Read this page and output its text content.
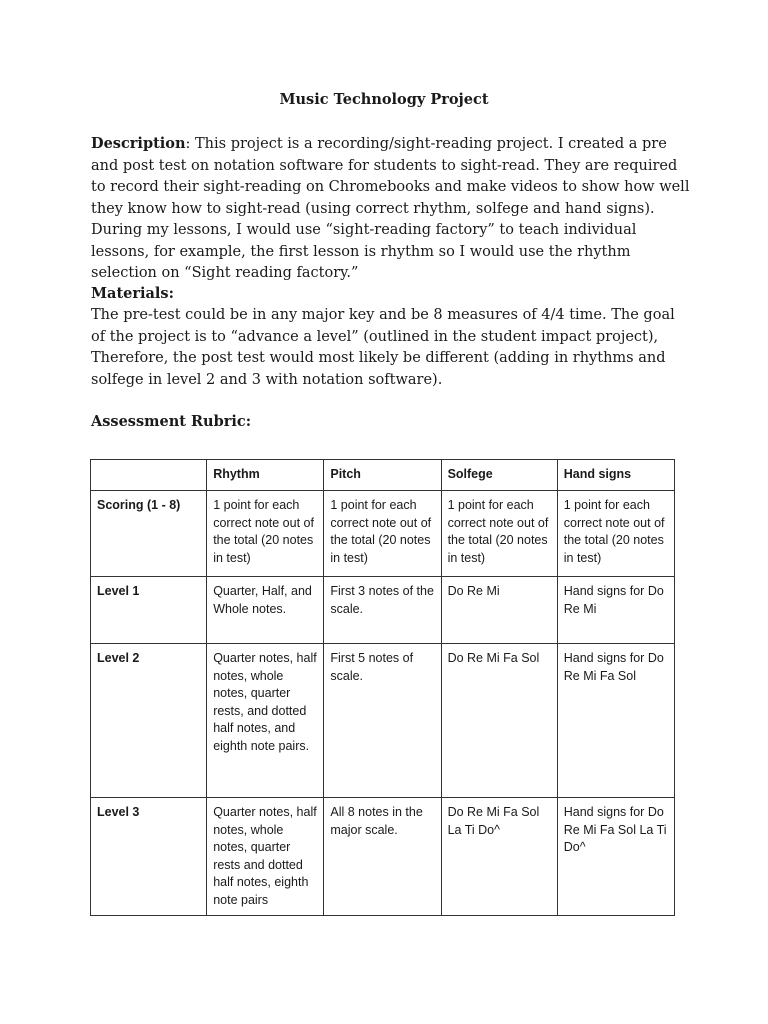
Music Technology Project
Description: This project is a recording/sight-reading project. I created a pre and post test on notation software for students to sight-read. They are required to record their sight-reading on Chromebooks and make videos to show how well they know how to sight-read (using correct rhythm, solfege and hand signs). During my lessons, I would use “sight-reading factory” to teach individual lessons, for example, the first lesson is rhythm so I would use the rhythm selection on “Sight reading factory.”
Materials:
The pre-test could be in any major key and be 8 measures of 4/4 time. The goal of the project is to “advance a level” (outlined in the student impact project), Therefore, the post test would most likely be different (adding in rhythms and solfege in level 2 and 3 with notation software).
Assessment Rubric:
	Rhythm	Pitch	Solfege	Hand signs
Scoring (1 - 8)	1 point for each correct note out of the total (20 notes in test)	1 point for each correct note out of the total (20 notes in test)	1 point for each correct note out of the total (20 notes in test)	1 point for each correct note out of the total (20 notes in test)
Level 1	Quarter, Half, and Whole notes.	First 3 notes of the scale.	Do Re Mi	Hand signs for Do Re Mi
Level 2	Quarter notes, half notes, whole notes, quarter rests, and dotted half notes, and eighth note pairs.	First 5 notes of scale.	Do Re Mi Fa Sol	Hand signs for Do Re Mi Fa Sol
Level 3	Quarter notes, half notes, whole notes, quarter rests and dotted half notes, eighth note pairs	All 8 notes in the major scale.	Do Re Mi Fa Sol La Ti Do^	Hand signs for Do Re Mi Fa Sol La Ti Do^
